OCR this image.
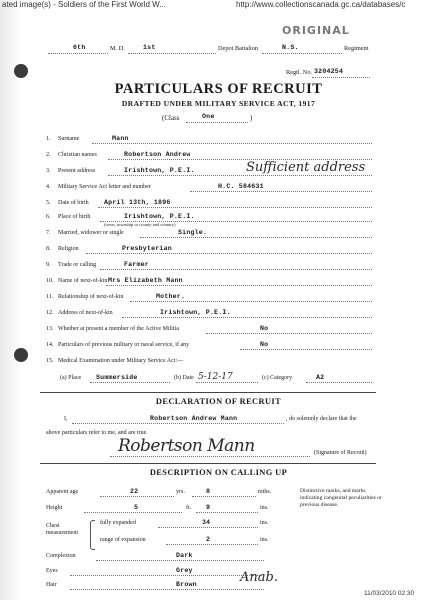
ated image(s) - Soldiers of the First World W...	http://www.collectionscanada.gc.ca/databases/c
ORIGINAL
6th	M. D.	1st	Depot Battalion	N.S.	Regiment
Regtl. No. 3204254
PARTICULARS OF RECRUIT
DRAFTED UNDER MILITARY SERVICE ACT, 1917
(Class	One	)
1. Surname	Mann
2. Christian names	Robertson Andrew
3. Present address	Irishtown, P.E.I.	Sufficient address
4. Military Service Act letter and number	H.C. 584631
5. Date of birth April 13th, 1896
6. Place of birth	Irishtown, P.E.I.
(town, township or county and country)
7. Married, widower or single	Single.
8. Religion	Presbyterian
9. Trade or calling	Farmer
10. Name of next-of-kin Mrs Elizabeth Mann
11. Relationship of next-of-kin	Mother.
12. Address of next-of-kin	Irishtown, P.E.I.
13. Whether at present a member of the Active Militia	No
14. Particulars of previous military or naval service, if any	No
15. Medical Examination under Military Service Act:—
(a) Place Summerside	(b) Date 5-12-17	(c) Category	A2
DECLARATION OF RECRUIT
I,	Robertson Andrew Mann	, do solemnly declare that the
above particulars refer to me, and are true.
Robertson Mann	(Signature of Recruit)
DESCRIPTION ON CALLING UP
Apparent age	22	yrs.	8	mths.
Height	5	ft. 9	ins.
Chest measurement
fully expanded	34	ins.
range of expansion	2	ins.
Complexion	Dark
Eyes	Grey
Hair	Brown
Distinctive marks, and marks indicating congenital peculiarities or previous disease.
Anab.
11/03/2010 02:30
